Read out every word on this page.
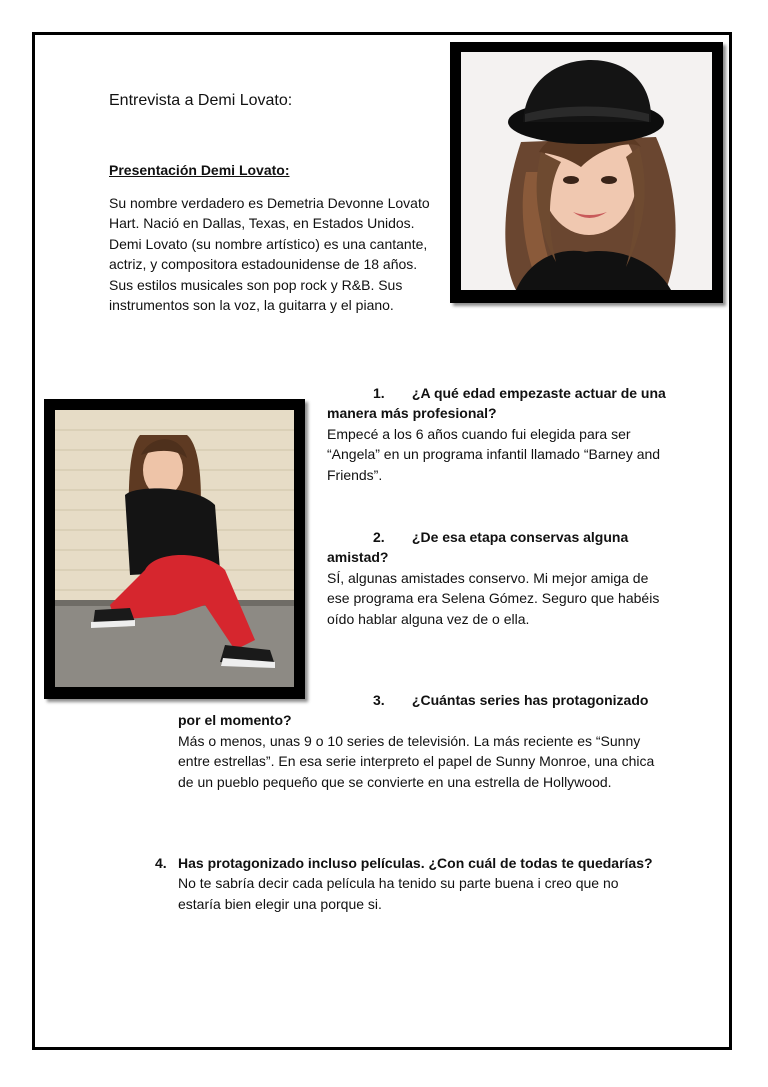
Entrevista a Demi Lovato:
Presentación Demi Lovato:

Su nombre verdadero es Demetria Devonne Lovato Hart. Nació en Dallas, Texas, en Estados Unidos. Demi Lovato (su nombre artístico) es una cantante, actriz, y compositora estadounidense de 18 años. Sus estilos musicales son pop rock y R&B. Sus instrumentos son la voz, la guitarra y el piano.

1. ¿A qué edad empezaste actuar de una manera más profesional?
Empecé a los 6 años cuando fui elegida para ser “Angela” en un programa infantil llamado “Barney and Friends”.
2. ¿De esa etapa conservas alguna amistad?
SÍ, algunas amistades conservo. Mi mejor amiga de ese programa era Selena Gómez. Seguro que habéis oído hablar alguna vez de o ella.
3. ¿Cuántas series has protagonizado por el momento?
Más o menos, unas 9 o 10 series de televisión. La más reciente es “Sunny entre estrellas”. En esa serie interpreto el papel de Sunny Monroe, una chica de un pueblo pequeño que se convierte en una estrella de Hollywood.
4. Has protagonizado incluso películas. ¿Con cuál de todas te quedarías?
No te sabría decir cada película ha tenido su parte buena i creo que no estaría bien elegir una porque si.
